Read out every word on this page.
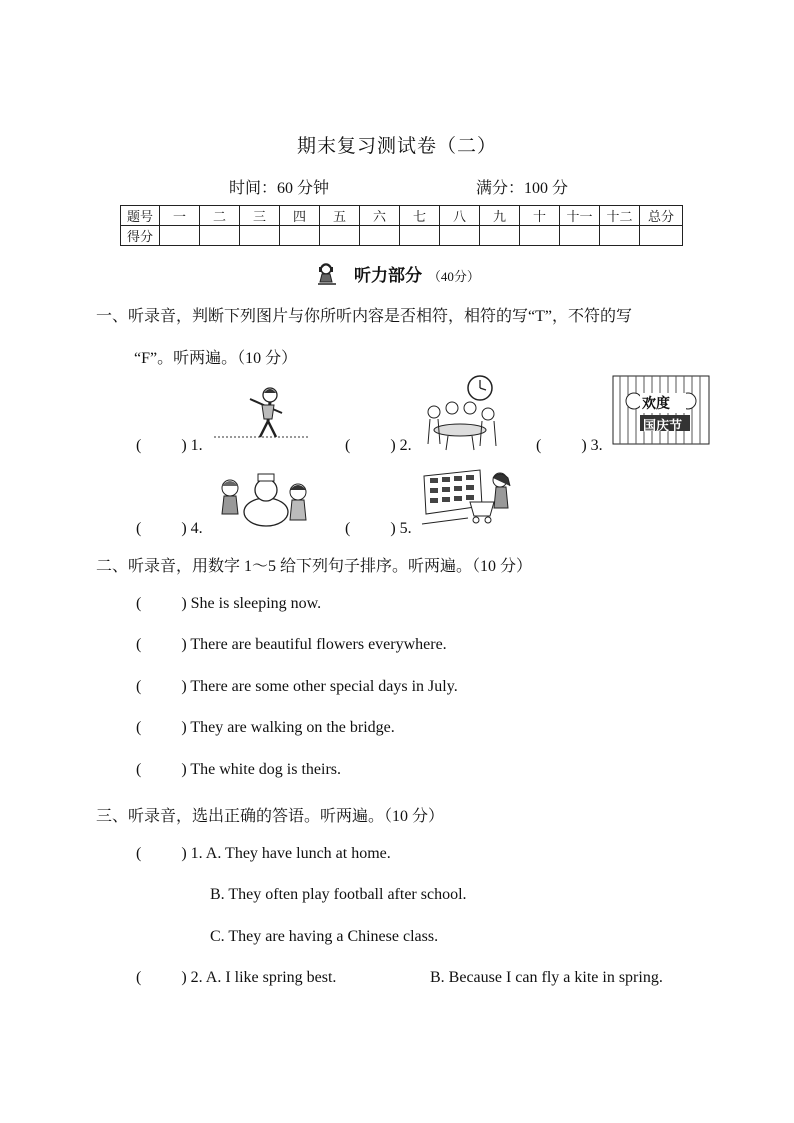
期末复习测试卷（二）
时间：60 分钟	满分：100 分
题号	一	二	三	四	五	六	七	八	九	十	十一	十二	总分
得分													
听力部分 （40分）
一、听录音，判断下列图片与你所听内容是否相符，相符的写“T”，不符的写
“F”。听两遍。（10 分）
(	) 1.	(	) 2.	(	) 3.
欢度
国庆节
(	) 4.	(	) 5.
二、听录音，用数字 1～5 给下列句子排序。听两遍。（10 分）
(	) She is sleeping now.
(	) There are beautiful flowers everywhere.
(	) There are some other special days in July.
(	) They are walking on the bridge.
(	) The white dog is theirs.
三、听录音，选出正确的答语。听两遍。（10 分）
(	) 1. A. They have lunch at home.
B. They often play football after school.
C. They are having a Chinese class.
(	) 2. A. I like spring best.	B. Because I can fly a kite in spring.
